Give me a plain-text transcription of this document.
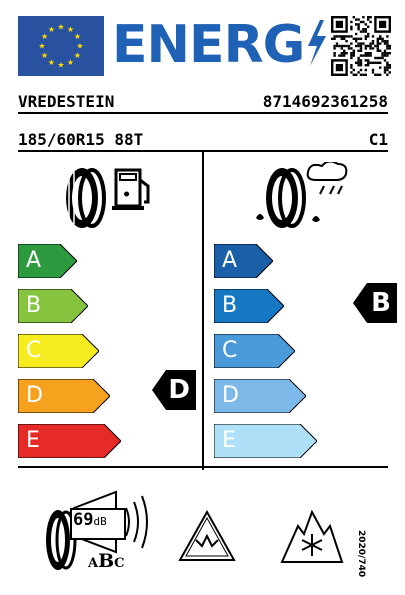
★ ★
★
★
★
★
★
★
★
★
★
★ ENERG
VREDESTEIN	8714692361258
185/60R15 88T	C1
⚫
A
B
C
D
E
D
A
B
C
D
E
B
69dB
ABC	2020/740
